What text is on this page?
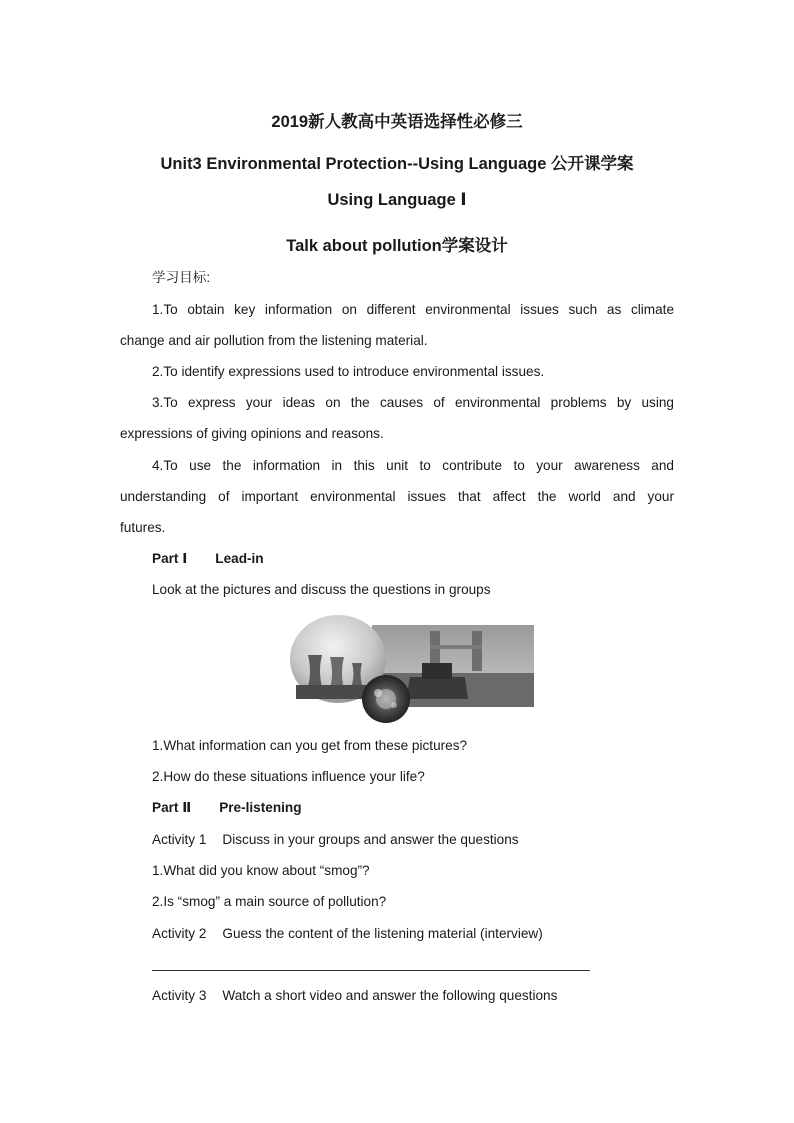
2019新人教高中英语选择性必修三
Unit3 Environmental Protection--Using Language 公开课学案
Using Language Ⅰ
Talk about pollution学案设计
学习目标:
1.To obtain key information on different environmental issues such as climate
change and air pollution from the listening material.
2.To identify expressions used to introduce environmental issues.
3.To express your ideas on the causes of environmental problems by using
expressions of giving opinions and reasons.
4.To use the information in this unit to contribute to your awareness and
understanding of important environmental issues that affect the world and your
futures.
Part Ⅰ Lead-in
Look at the pictures and discuss the questions in groups
1.What information can you get from these pictures?
2.How do these situations influence your life?
Part Ⅱ Pre-listening
Activity 1 Discuss in your groups and answer the questions
1.What did you know about “smog”?
2.Is “smog” a main source of pollution?
Activity 2 Guess the content of the listening material (interview)
Activity 3 Watch a short video and answer the following questions
